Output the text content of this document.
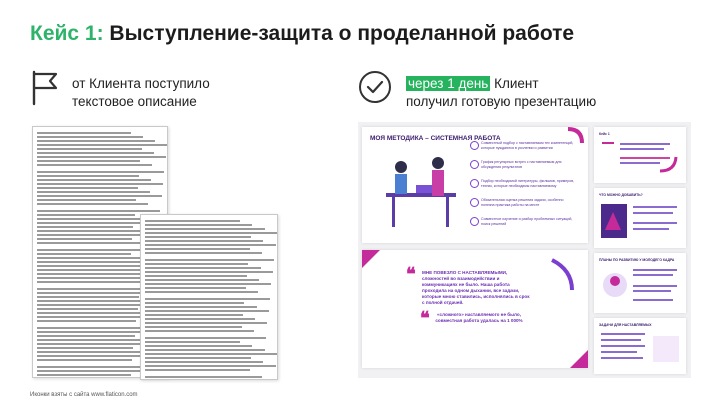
Кейс 1: Выступление-защита о проделанной работе
от Клиента поступило
текстовое описание
через 1 день Клиент
получил готовую презентацию
МОЯ МЕТОДИКА – СИСТЕМНАЯ РАБОТА
Совместный подбор с наставляемым тех компетенций, которые нуждаются в усилении и развитии
График регулярных встреч с наставляемым для обсуждения результатов
Подбор необходимой литературы, фильмов, примеров, техник, которые необходимы наставляемому
Обязательная оценка решения задачи, особенно полезна практика работы на месте
Совместное изучение и разбор проблемных ситуаций, поиск решений
❝ МНЕ ПОВЕЗЛО С НАСТАВЛЯЕМЫМИ, сложностей во взаимодействии и коммуникациях не было. Наша работа проходила на одном дыхании, все задачи, которые мною ставились, исполнялись в срок с полной отдачей.
❝	«сложного» наставляемого не было, совместная работа удалась на 1 000%
Кейс 1
ЧТО МОЖНО ДОБАВИТЬ?
ПЛАНЫ ПО РАЗВИТИЮ У МОЛОДЕГО КАДРА
ЗАДАЧИ ДЛЯ НАСТАВЛЯЕМЫХ
Иконки взяты с сайта www.flaticon.com
